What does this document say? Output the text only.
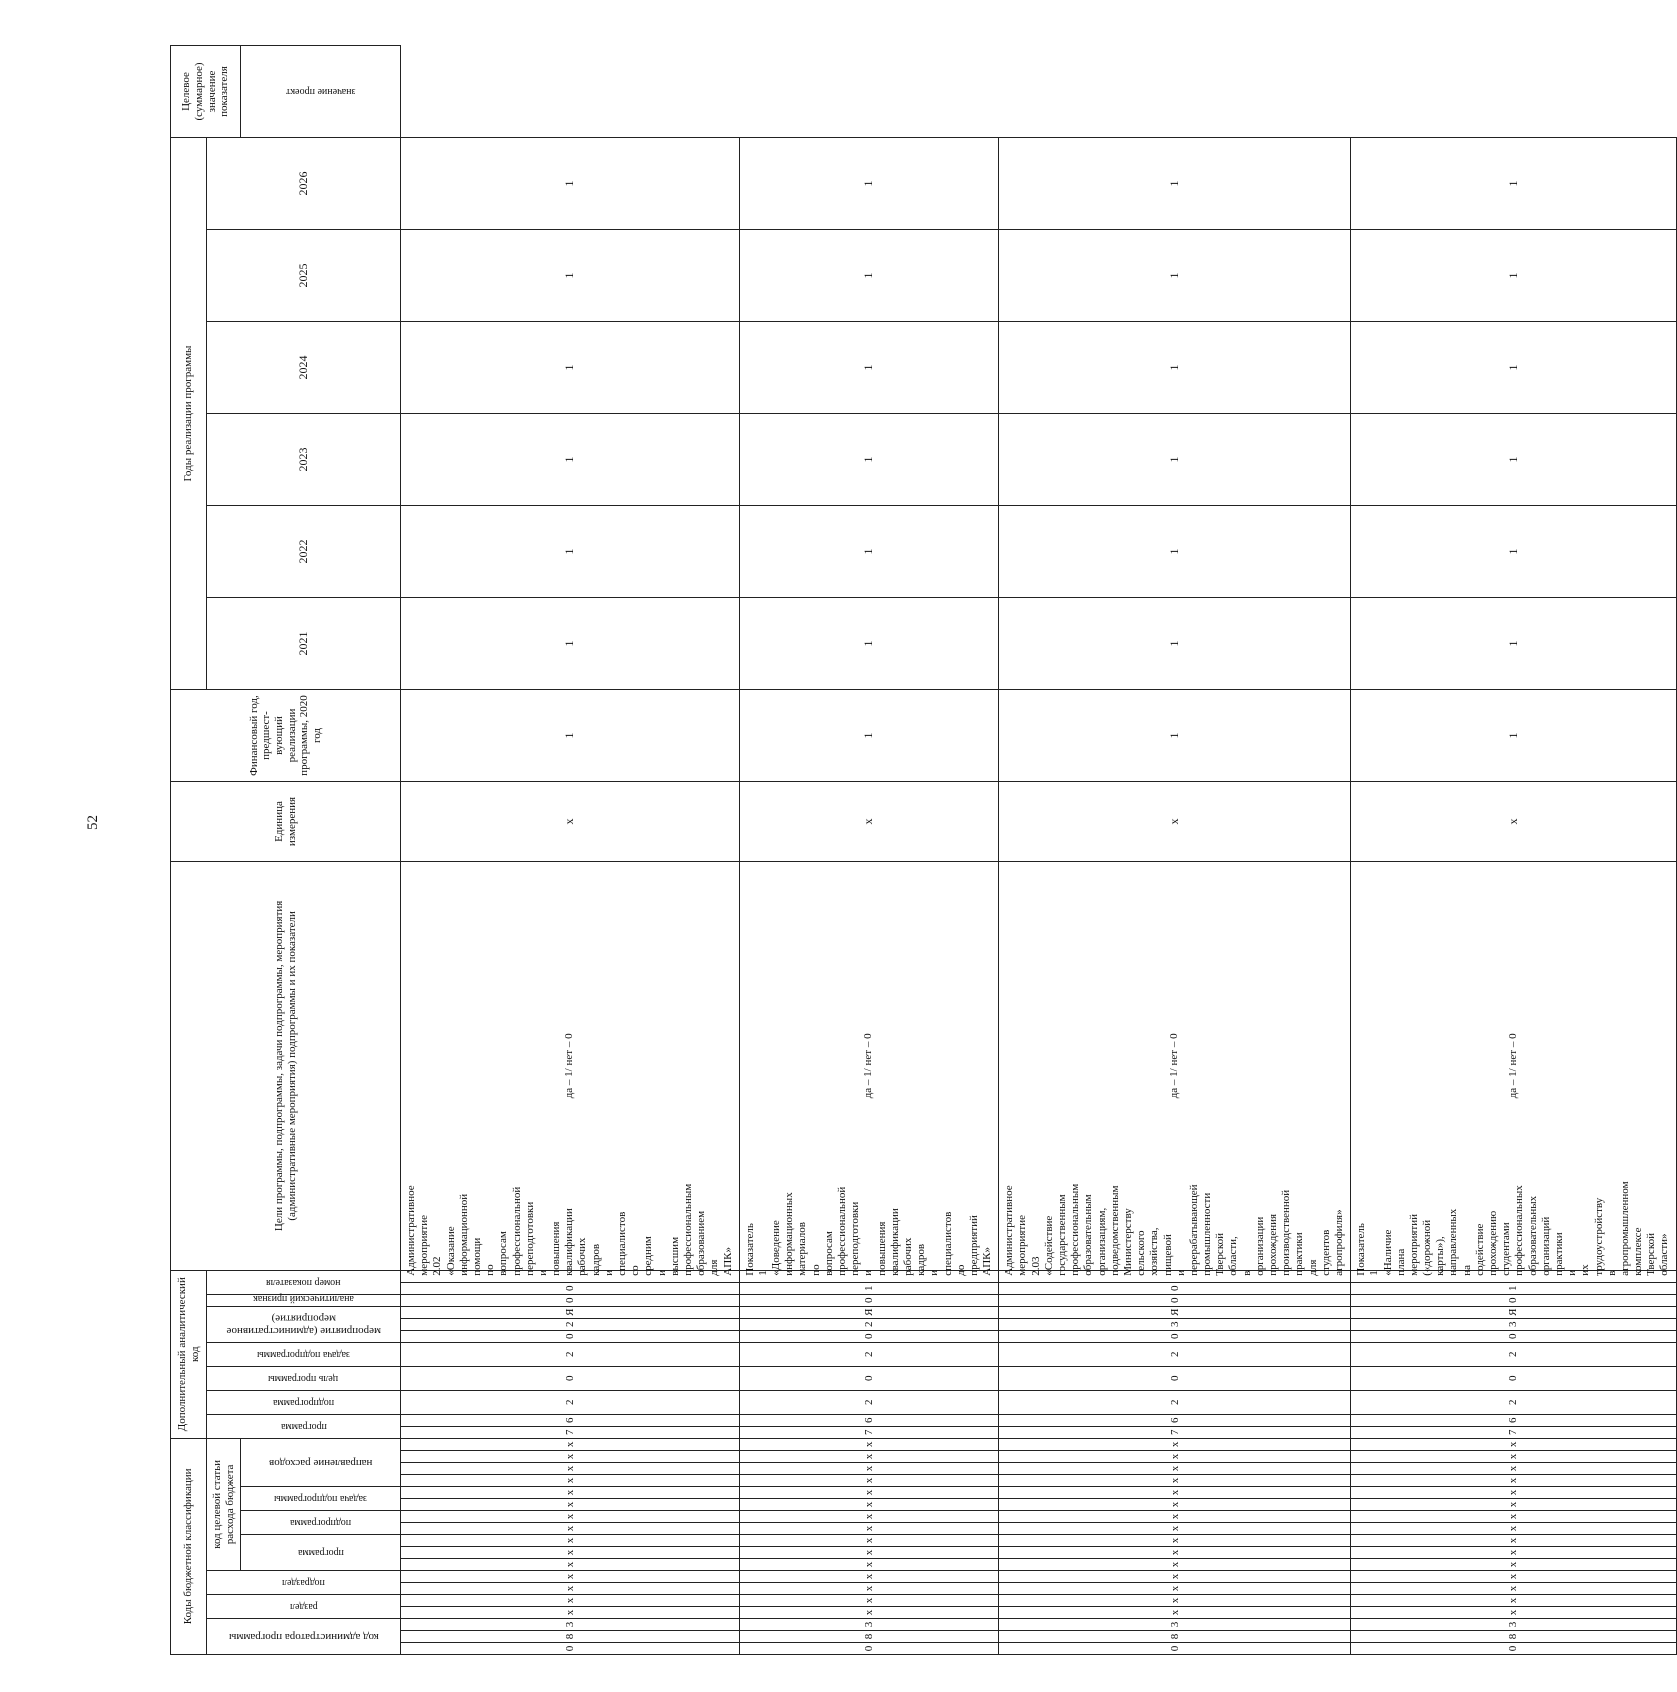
52
Коды бюджетной классификации																		Дополнительный аналитический код											Цели программы, подпрограммы, задачи подпрограммы, мероприятия (административные мероприятия) подпрограммы и их показатели	Единица измерения	Финансовый год, предшест-вующий реализации программы, 2020 год	Годы реализации программы						Целевое (суммарное) значение показателя

код администратора программы			раздел		подраздел		код целевой статьи расхода бюджета											программа		подпрограмма	цель программы	задача подпрограммы	мероприятие (административное мероприятие)			аналитический признак	номер показателя					2021	2022	2023	2024	2025	2026	

							программа			подпрограмма		задача подпрограммы		направление расходов																								значение проект

0	8	3	x	x	x	x	x	x	x	x	x	x	x	x	x	x	x	7	6	2	0	2	0	2	Я	0	0	Административное мероприятие 2.02 «Оказание информационной помощи по вопросам профессиональной переподготовки и повышения квалификации рабочих кадров и специалистов со средним и высшим профессиональным образованием для АПК»	да – 1/ нет – 0	x	1	1	1	1	1	1	1	
0	8	3	x	x	x	x	x	x	x	x	x	x	x	x	x	x	x	7	6	2	0	2	0	2	Я	0	1	Показатель 1 «Доведение информационных материалов по вопросам профессиональной переподготовки и повышения квалификации рабочих кадров и специалистов до предприятий АПК»	да – 1/ нет – 0	x	1	1	1	1	1	1	1	
0	8	3	x	x	x	x	x	x	x	x	x	x	x	x	x	x	x	7	6	2	0	2	0	3	Я	0	0	Административное мероприятие 2.03 «Содействие государственным профессиональным образовательным организациям, подведомственным Министерству сельского хозяйства, пищевой и перерабатывающей промышленности Тверской области, в организации прохождения производственной практики для студентов агропрофиля»	да – 1/ нет – 0	x	1	1	1	1	1	1	1	
0	8	3	x	x	x	x	x	x	x	x	x	x	x	x	x	x	x	7	6	2	0	2	0	3	Я	0	1	Показатель 1 «Наличие плана мероприятий («дорожной карты»), направленных на содействие прохождению студентами профессиональных образовательных организаций практики и их трудоустройству в агропромышленном комплексе Тверской области»	да – 1/ нет – 0	x	1	1	1	1	1	1	1	
